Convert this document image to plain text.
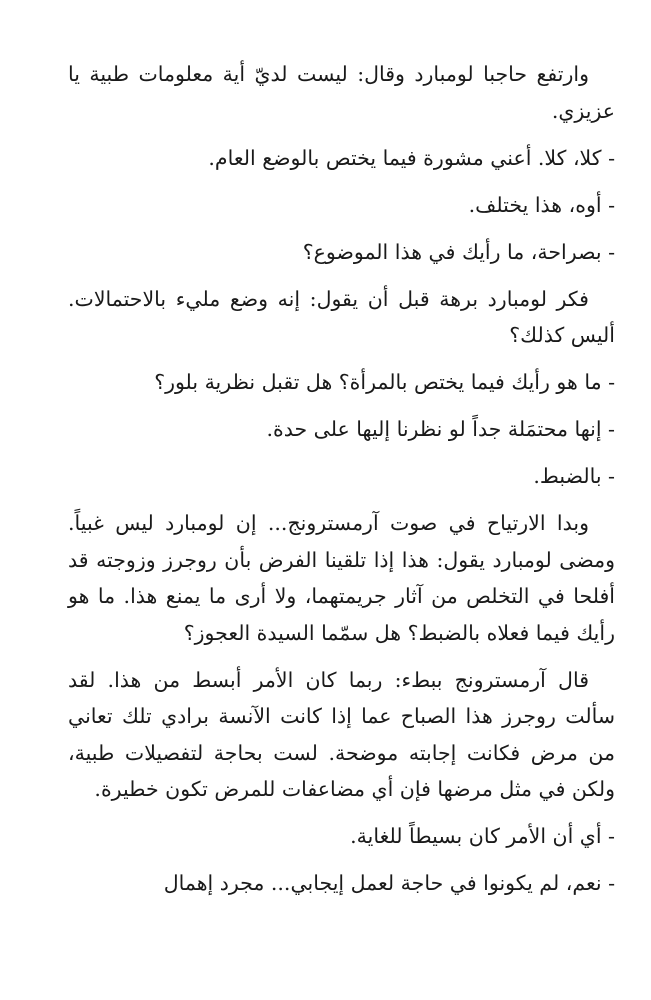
وارتفع حاجبا لومبارد وقال: ليست لديّ أية معلومات طبية يا عزيزي.

- كلا، كلا. أعني مشورة فيما يختص بالوضع العام.

- أوه، هذا يختلف.

- بصراحة، ما رأيك في هذا الموضوع؟

فكر لومبارد برهة قبل أن يقول: إنه وضع مليء بالاحتمالات. أليس كذلك؟

- ما هو رأيك فيما يختص بالمرأة؟ هل تقبل نظرية بلور؟

- إنها محتمَلة جداً لو نظرنا إليها على حدة.

- بالضبط.

وبدا الارتياح في صوت آرمسترونج... إن لومبارد ليس غبياً. ومضى لومبارد يقول: هذا إذا تلقينا الفرض بأن روجرز وزوجته قد أفلحا في التخلص من آثار جريمتهما، ولا أرى ما يمنع هذا. ما هو رأيك فيما فعلاه بالضبط؟ هل سمّما السيدة العجوز؟

قال آرمسترونج ببطء: ربما كان الأمر أبسط من هذا. لقد سألت روجرز هذا الصباح عما إذا كانت الآنسة برادي تلك تعاني من مرض فكانت إجابته موضحة. لست بحاجة لتفصيلات طبية، ولكن في مثل مرضها فإن أي مضاعفات للمرض تكون خطيرة.

- أي أن الأمر كان بسيطاً للغاية.

- نعم، لم يكونوا في حاجة لعمل إيجابي... مجرد إهمال
